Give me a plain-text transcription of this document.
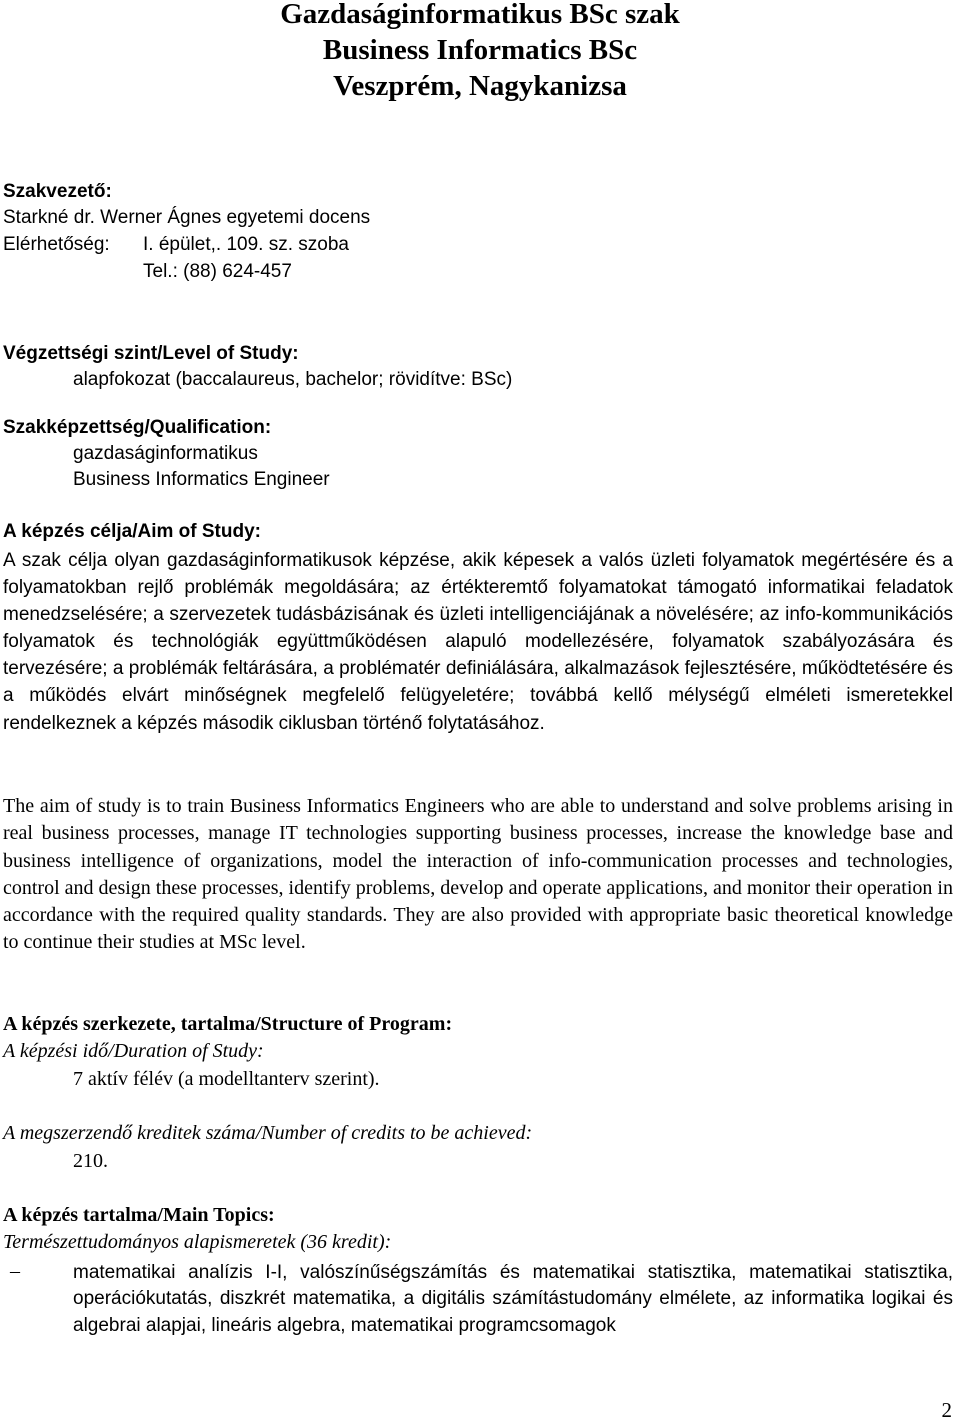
Gazdaságinformatikus BSc szak
Business Informatics BSc
Veszprém, Nagykanizsa
Szakvezető:
Starkné dr. Werner Ágnes egyetemi docens
Elérhetőség: I. épület,. 109. sz. szoba
Tel.: (88) 624-457
Végzettségi szint/Level of Study:
alapfokozat (baccalaureus, bachelor; rövidítve: BSc)
Szakképzettség/Qualification:
gazdaságinformatikus
Business Informatics Engineer
A képzés célja/Aim of Study:
A szak célja olyan gazdaságinformatikusok képzése, akik képesek a valós üzleti folyamatok megértésére és a folyamatokban rejlő problémák megoldására; az értékteremtő folyamatokat támogató informatikai feladatok menedzselésére; a szervezetek tudásbázisának és üzleti intelligenciájának a növelésére; az info-kommunikációs folyamatok és technológiák együttműködésen alapuló modellezésére, folyamatok szabályozására és tervezésére; a problémák feltárására, a problématér definiálására, alkalmazások fejlesztésére, működtetésére és a működés elvárt minőségnek megfelelő felügyeletére; továbbá kellő mélységű elméleti ismeretekkel rendelkeznek a képzés második ciklusban történő folytatásához.
The aim of study is to train Business Informatics Engineers who are able to understand and solve problems arising in real business processes, manage IT technologies supporting business processes, increase the knowledge base and business intelligence of organizations, model the interaction of info-communication processes and technologies, control and design these processes, identify problems, develop and operate applications, and monitor their operation in accordance with the required quality standards. They are also provided with appropriate basic theoretical knowledge to continue their studies at MSc level.
A képzés szerkezete, tartalma/Structure of Program:
A képzési idő/Duration of Study:
7 aktív félév (a modelltanterv szerint).
A megszerzendő kreditek száma/Number of credits to be achieved:
210.
A képzés tartalma/Main Topics:
Természettudományos alapismeretek (36 kredit):
–	matematikai analízis I-I, valószínűségszámítás és matematikai statisztika, matematikai statisztika, operációkutatás, diszkrét matematika, a digitális számítástudomány elmélete, az informatika logikai és algebrai alapjai, lineáris algebra, matematikai programcsomagok
2
